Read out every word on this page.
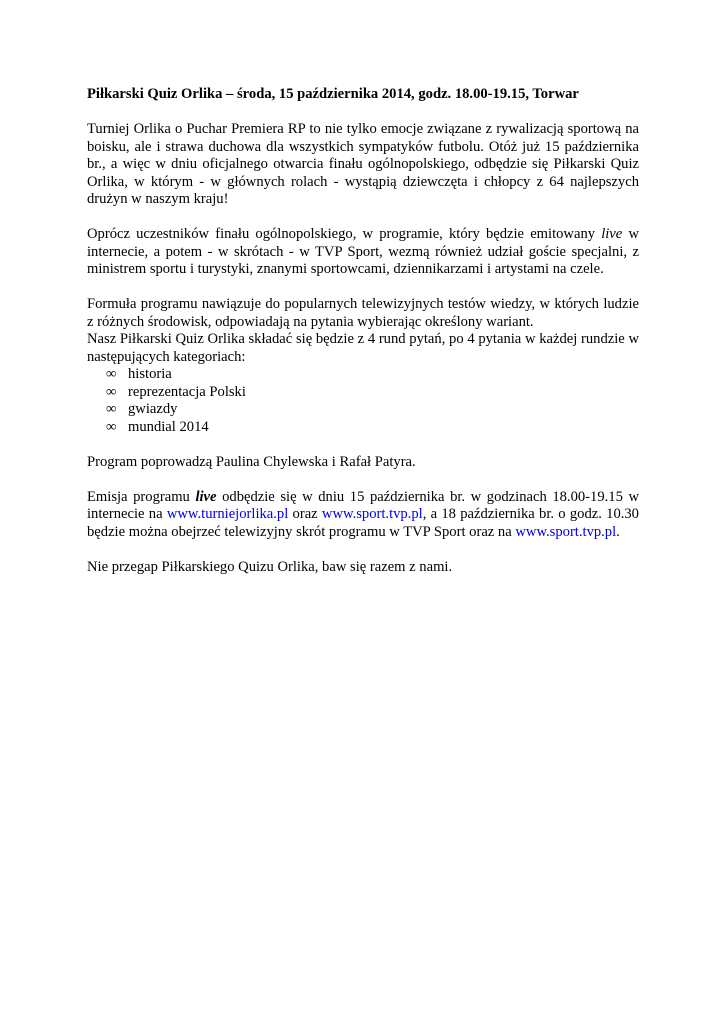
Piłkarski Quiz Orlika – środa, 15 października 2014, godz. 18.00-19.15, Torwar

Turniej Orlika o Puchar Premiera RP to nie tylko emocje związane z rywalizacją sportową na boisku, ale i strawa duchowa dla wszystkich sympatyków futbolu. Otóż już 15 października br., a więc w dniu oficjalnego otwarcia finału ogólnopolskiego, odbędzie się Piłkarski Quiz Orlika, w którym - w głównych rolach - wystąpią dziewczęta i chłopcy z 64 najlepszych drużyn w naszym kraju!

Oprócz uczestników finału ogólnopolskiego, w programie, który będzie emitowany live w internecie, a potem - w skrótach - w TVP Sport, wezmą również udział goście specjalni, z ministrem sportu i turystyki, znanymi sportowcami, dziennikarzami i artystami na czele.

Formuła programu nawiązuje do popularnych telewizyjnych testów wiedzy, w których ludzie z różnych środowisk, odpowiadają na pytania wybierając określony wariant.

Nasz Piłkarski Quiz Orlika składać się będzie z 4 rund pytań, po 4 pytania w każdej rundzie w następujących kategoriach:

∞ historia
∞ reprezentacja Polski
∞ gwiazdy
∞ mundial 2014

Program poprowadzą Paulina Chylewska i Rafał Patyra.

Emisja programu live odbędzie się w dniu 15 października br. w godzinach 18.00-19.15 w
internecie na www.turniejorlika.pl oraz www.sport.tvp.pl, a 18 października br. o godz. 10.30
będzie można obejrzeć telewizyjny skrót programu w TVP Sport oraz na www.sport.tvp.pl.

Nie przegap Piłkarskiego Quizu Orlika, baw się razem z nami.
